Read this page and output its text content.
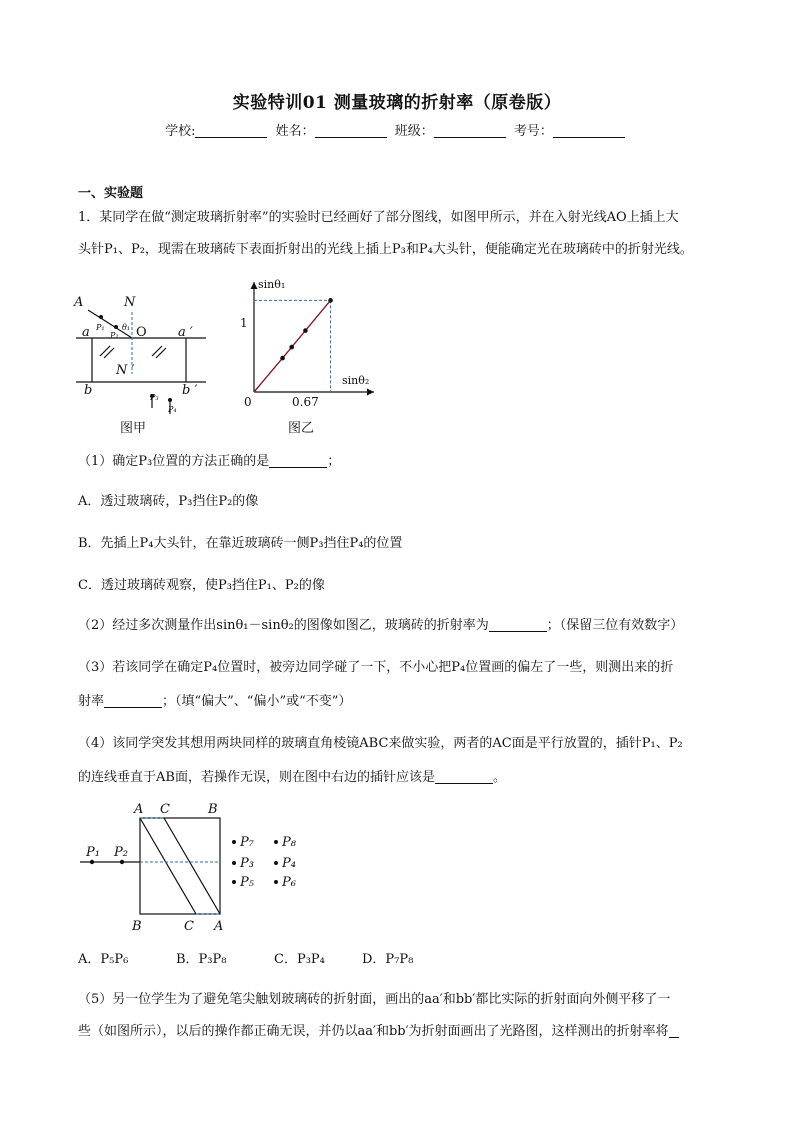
实验特训01 测量玻璃的折射率（原卷版）
学校:	姓名：	班级：	考号：
一、实验题
1．某同学在做“测定玻璃折射率”的实验时已经画好了部分图线，如图甲所示，并在入射光线AO上插上大
头针P₁、P₂，现需在玻璃砖下表面折射出的光线上插上P₃和P₄大头针，便能确定光在玻璃砖中的折射光线。
A	N
a	O a ′
N ′
b	b ′
P₁
P₂
θ₁
P₃
P₄
图甲
sinθ₁
sinθ₂
1
0.67
0
图乙
（1）确定P₃位置的方法正确的是	；
A．透过玻璃砖，P₃挡住P₂的像
B．先插上P₄大头针，在靠近玻璃砖一侧P₃挡住P₄的位置
C．透过玻璃砖观察，使P₃挡住P₁、P₂的像
（2）经过多次测量作出sinθ₁－sinθ₂的图像如图乙，玻璃砖的折射率为	；（保留三位有效数字）
（3）若该同学在确定P₄位置时，被旁边同学碰了一下，不小心把P₄位置画的偏左了一些，则测出来的折
射率	；（填“偏大”、“偏小”或“不变”）
（4）该同学突发其想用两块同样的玻璃直角棱镜ABC来做实验，两者的AC面是平行放置的，插针P₁、P₂
的连线垂直于AB面，若操作无误，则在图中右边的插针应该是	。
A C	B
B	C A
P₁ P₂
P₇
P₃
P₅
P₈
P₄
P₆
A．P₅P₆	B．P₃P₈	C．P₃P₄	D．P₇P₈
（5）另一位学生为了避免笔尖触划玻璃砖的折射面，画出的aa′和bb′都比实际的折射面向外侧平移了一
些（如图所示），以后的操作都正确无误，并仍以aa′和bb′为折射面画出了光路图，这样测出的折射率将
